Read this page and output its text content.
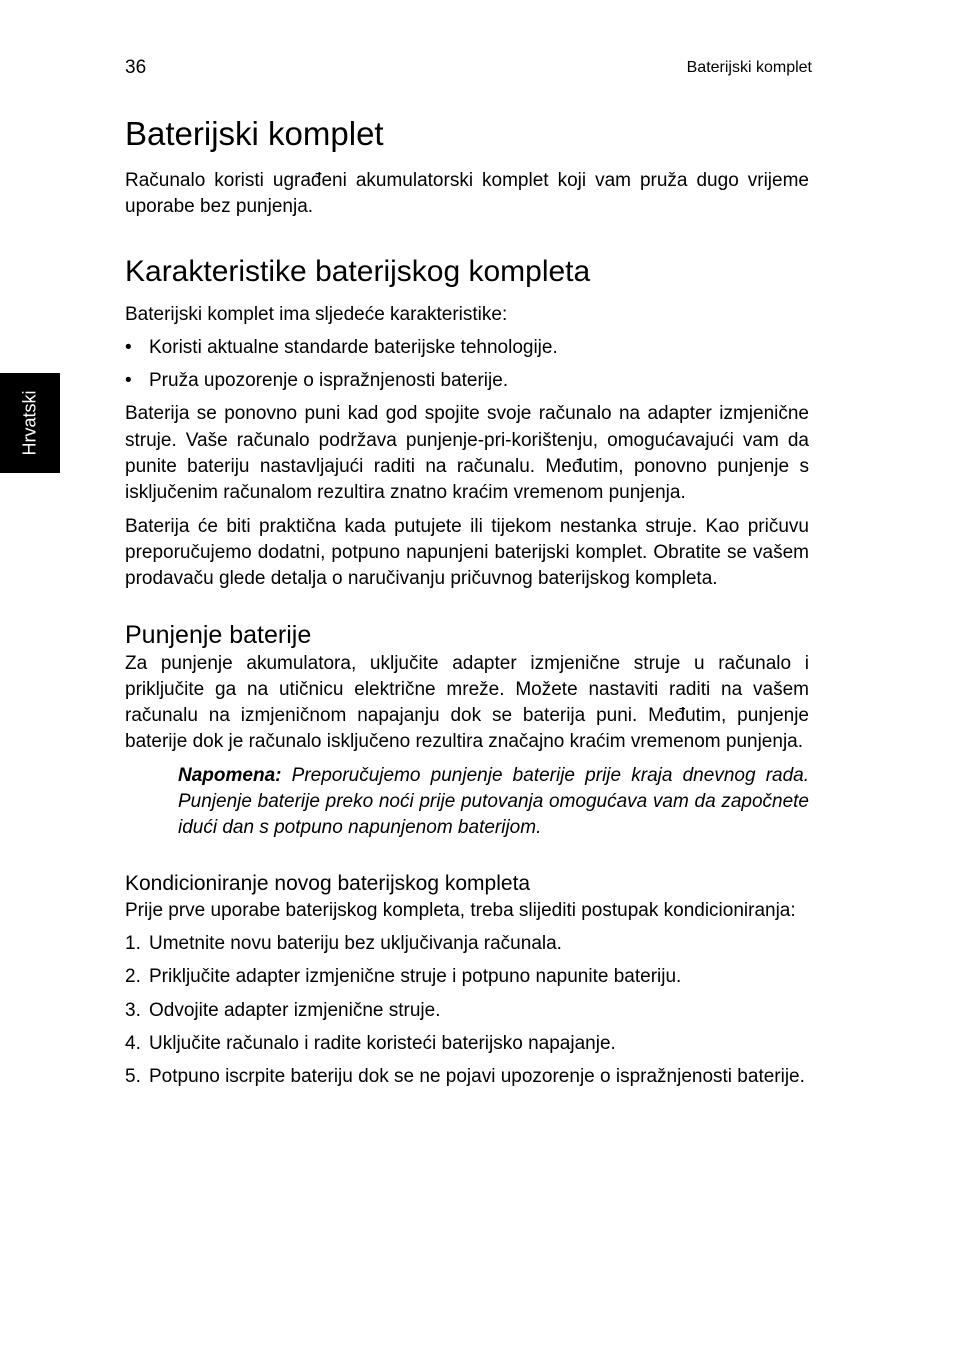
36	Baterijski komplet
Hrvatski
Baterijski komplet

Računalo koristi ugrađeni akumulatorski komplet koji vam pruža dugo vrijeme uporabe bez punjenja.

Karakteristike baterijskog kompleta

Baterijski komplet ima sljedeće karakteristike:

• Koristi aktualne standarde baterijske tehnologije.
• Pruža upozorenje o ispražnjenosti baterije.

Baterija se ponovno puni kad god spojite svoje računalo na adapter izmjenične struje. Vaše računalo podržava punjenje-pri-korištenju, omogućavajući vam da punite bateriju nastavljajući raditi na računalu. Međutim, ponovno punjenje s isključenim računalom rezultira znatno kraćim vremenom punjenja.

Baterija će biti praktična kada putujete ili tijekom nestanka struje. Kao pričuvu preporučujemo dodatni, potpuno napunjeni baterijski komplet. Obratite se vašem prodavaču glede detalja o naručivanju pričuvnog baterijskog kompleta.

Punjenje baterije

Za punjenje akumulatora, uključite adapter izmjenične struje u računalo i priključite ga na utičnicu električne mreže. Možete nastaviti raditi na vašem računalu na izmjeničnom napajanju dok se baterija puni. Međutim, punjenje baterije dok je računalo isključeno rezultira značajno kraćim vremenom punjenja.

Napomena: Preporučujemo punjenje baterije prije kraja dnevnog rada. Punjenje baterije preko noći prije putovanja omogućava vam da započnete idući dan s potpuno napunjenom baterijom.

Kondicioniranje novog baterijskog kompleta

Prije prve uporabe baterijskog kompleta, treba slijediti postupak kondicioniranja:

1. Umetnite novu bateriju bez uključivanja računala.
2. Priključite adapter izmjenične struje i potpuno napunite bateriju.
3. Odvojite adapter izmjenične struje.
4. Uključite računalo i radite koristeći baterijsko napajanje.
5. Potpuno iscrpite bateriju dok se ne pojavi upozorenje o ispražnjenosti baterije.
